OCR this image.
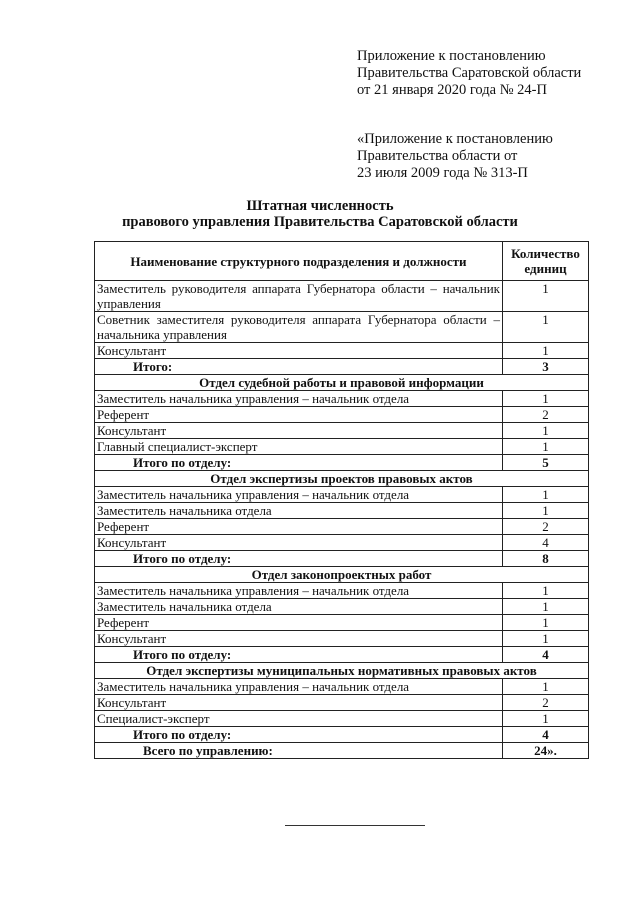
Приложение к постановлению
Правительства Саратовской области
от 21 января 2020 года № 24-П
«Приложение к постановлению
Правительства области от
23 июля 2009 года № 313-П
Штатная численность
правового управления Правительства Саратовской области
Наименование структурного подразделения и должности	Количество единиц
Заместитель руководителя аппарата Губернатора области – начальник управления	1
Советник заместителя руководителя аппарата Губернатора области – начальника управления	1
Консультант	1
Итого:	3
Отдел судебной работы и правовой информации	
Заместитель начальника управления – начальник отдела	1
Референт	2
Консультант	1
Главный специалист-эксперт	1
Итого по отделу:	5
Отдел экспертизы проектов правовых актов	
Заместитель начальника управления – начальник отдела	1
Заместитель начальника отдела	1
Референт	2
Консультант	4
Итого по отделу:	8
Отдел законопроектных работ	
Заместитель начальника управления – начальник отдела	1
Заместитель начальника отдела	1
Референт	1
Консультант	1
Итого по отделу:	4
Отдел экспертизы муниципальных нормативных правовых актов	
Заместитель начальника управления – начальник отдела	1
Консультант	2
Специалист-эксперт	1
Итого по отделу:	4
Всего по управлению:	24».
